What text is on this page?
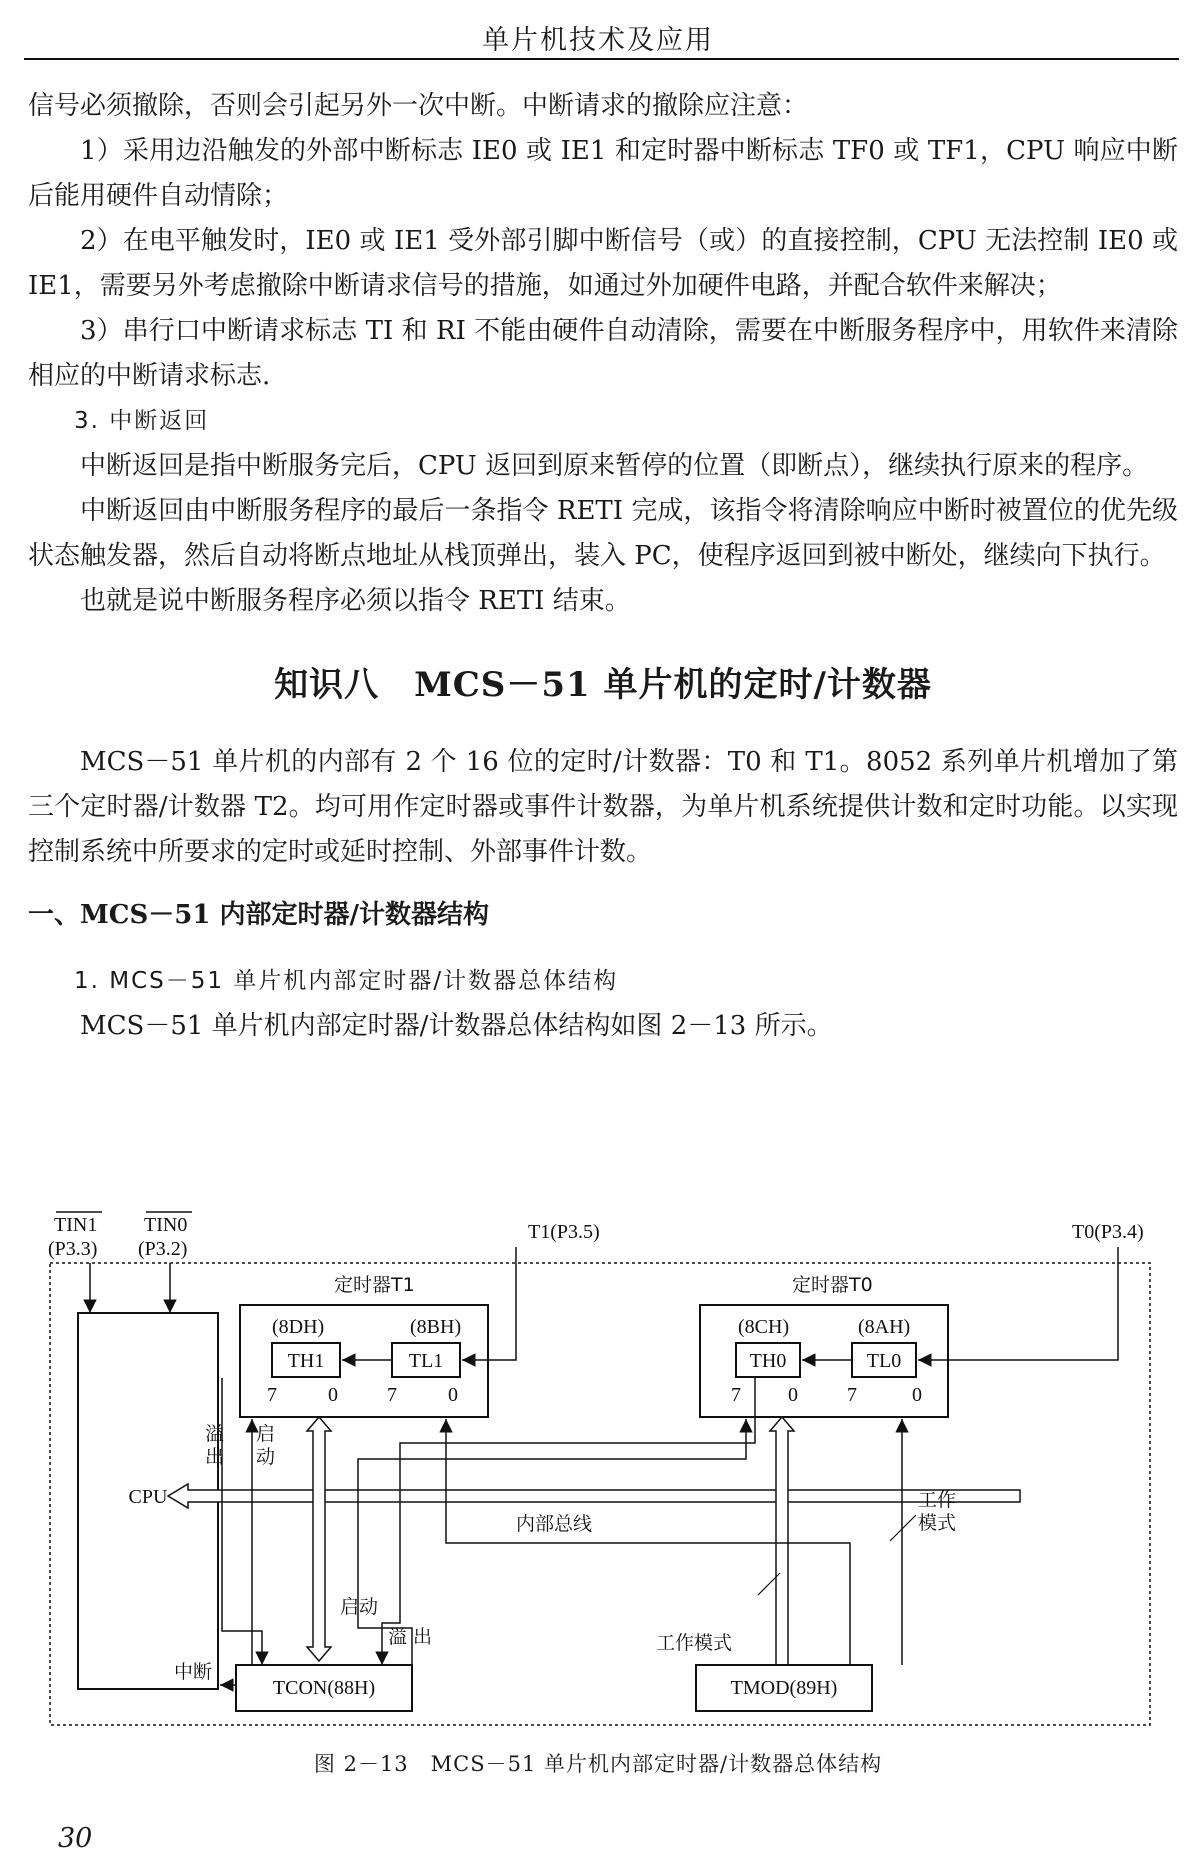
单片机技术及应用

信号必须撤除，否则会引起另外一次中断。中断请求的撤除应注意：

1）采用边沿触发的外部中断标志 IE0 或 IE1 和定时器中断标志 TF0 或 TF1，CPU 响应中断后能用硬件自动情除；

2）在电平触发时，IE0 或 IE1 受外部引脚中断信号（或）的直接控制，CPU 无法控制 IE0 或 IE1，需要另外考虑撤除中断请求信号的措施，如通过外加硬件电路，并配合软件来解决；

3）串行口中断请求标志 TI 和 RI 不能由硬件自动清除，需要在中断服务程序中，用软件来清除相应的中断请求标志.

3. 中断返回

中断返回是指中断服务完后，CPU 返回到原来暂停的位置（即断点），继续执行原来的程序。

中断返回由中断服务程序的最后一条指令 RETI 完成，该指令将清除响应中断时被置位的优先级状态触发器，然后自动将断点地址从栈顶弹出，装入 PC，使程序返回到被中断处，继续向下执行。

也就是说中断服务程序必须以指令 RETI 结束。

知识八　MCS－51 单片机的定时/计数器

MCS－51 单片机的内部有 2 个 16 位的定时/计数器：T0 和 T1。8052 系列单片机增加了第三个定时器/计数器 T2。均可用作定时器或事件计数器，为单片机系统提供计数和定时功能。以实现控制系统中所要求的定时或延时控制、外部事件计数。

一、MCS－51 内部定时器/计数器结构

1. MCS－51 单片机内部定时器/计数器总体结构

MCS－51 单片机内部定时器/计数器总体结构如图 2－13 所示。

TIN1
(P3.3)
TIN0
(P3.2)
T1(P3.5)	T0(P3.4)
CPU
定时器T1
(8DH)	(8BH)
TH1	TL1
7	0 7	0
定时器T0
(8CH)	(8AH)
TH0	TL0
7 0 7	0
内部总线
溢
出
启
动
启动
溢 出	工作模式
工作
模式
TCON(88H)
中断
TMOD(89H)
图 2－13　MCS－51 单片机内部定时器/计数器总体结构
30
